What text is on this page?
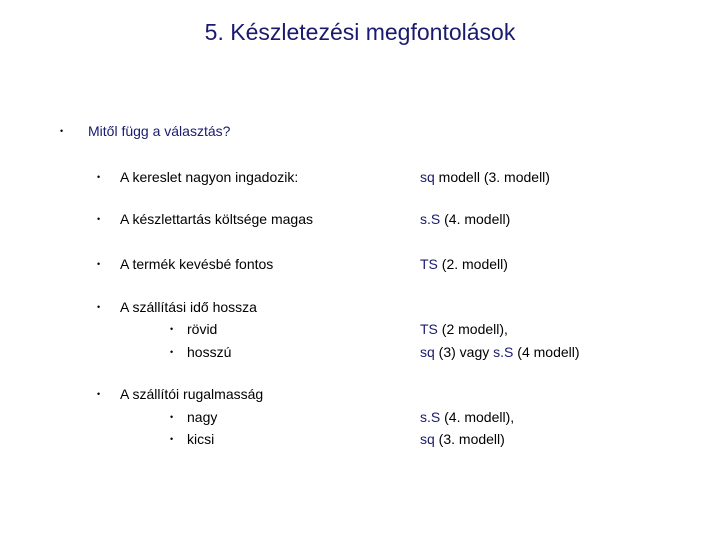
5. Készletezési megfontolások
• Mitől függ a választás?
• A kereslet nagyon ingadozik:	sq modell (3. modell)
• A készlettartás költsége magas	s.S (4. modell)
• A termék kevésbé fontos	TS (2. modell)
• A szállítási idő hossza
• rövid	TS (2 modell),
• hosszú	sq (3) vagy s.S (4 modell)
• A szállítói rugalmasság
• nagy	s.S (4. modell),
• kicsi	sq (3. modell)
